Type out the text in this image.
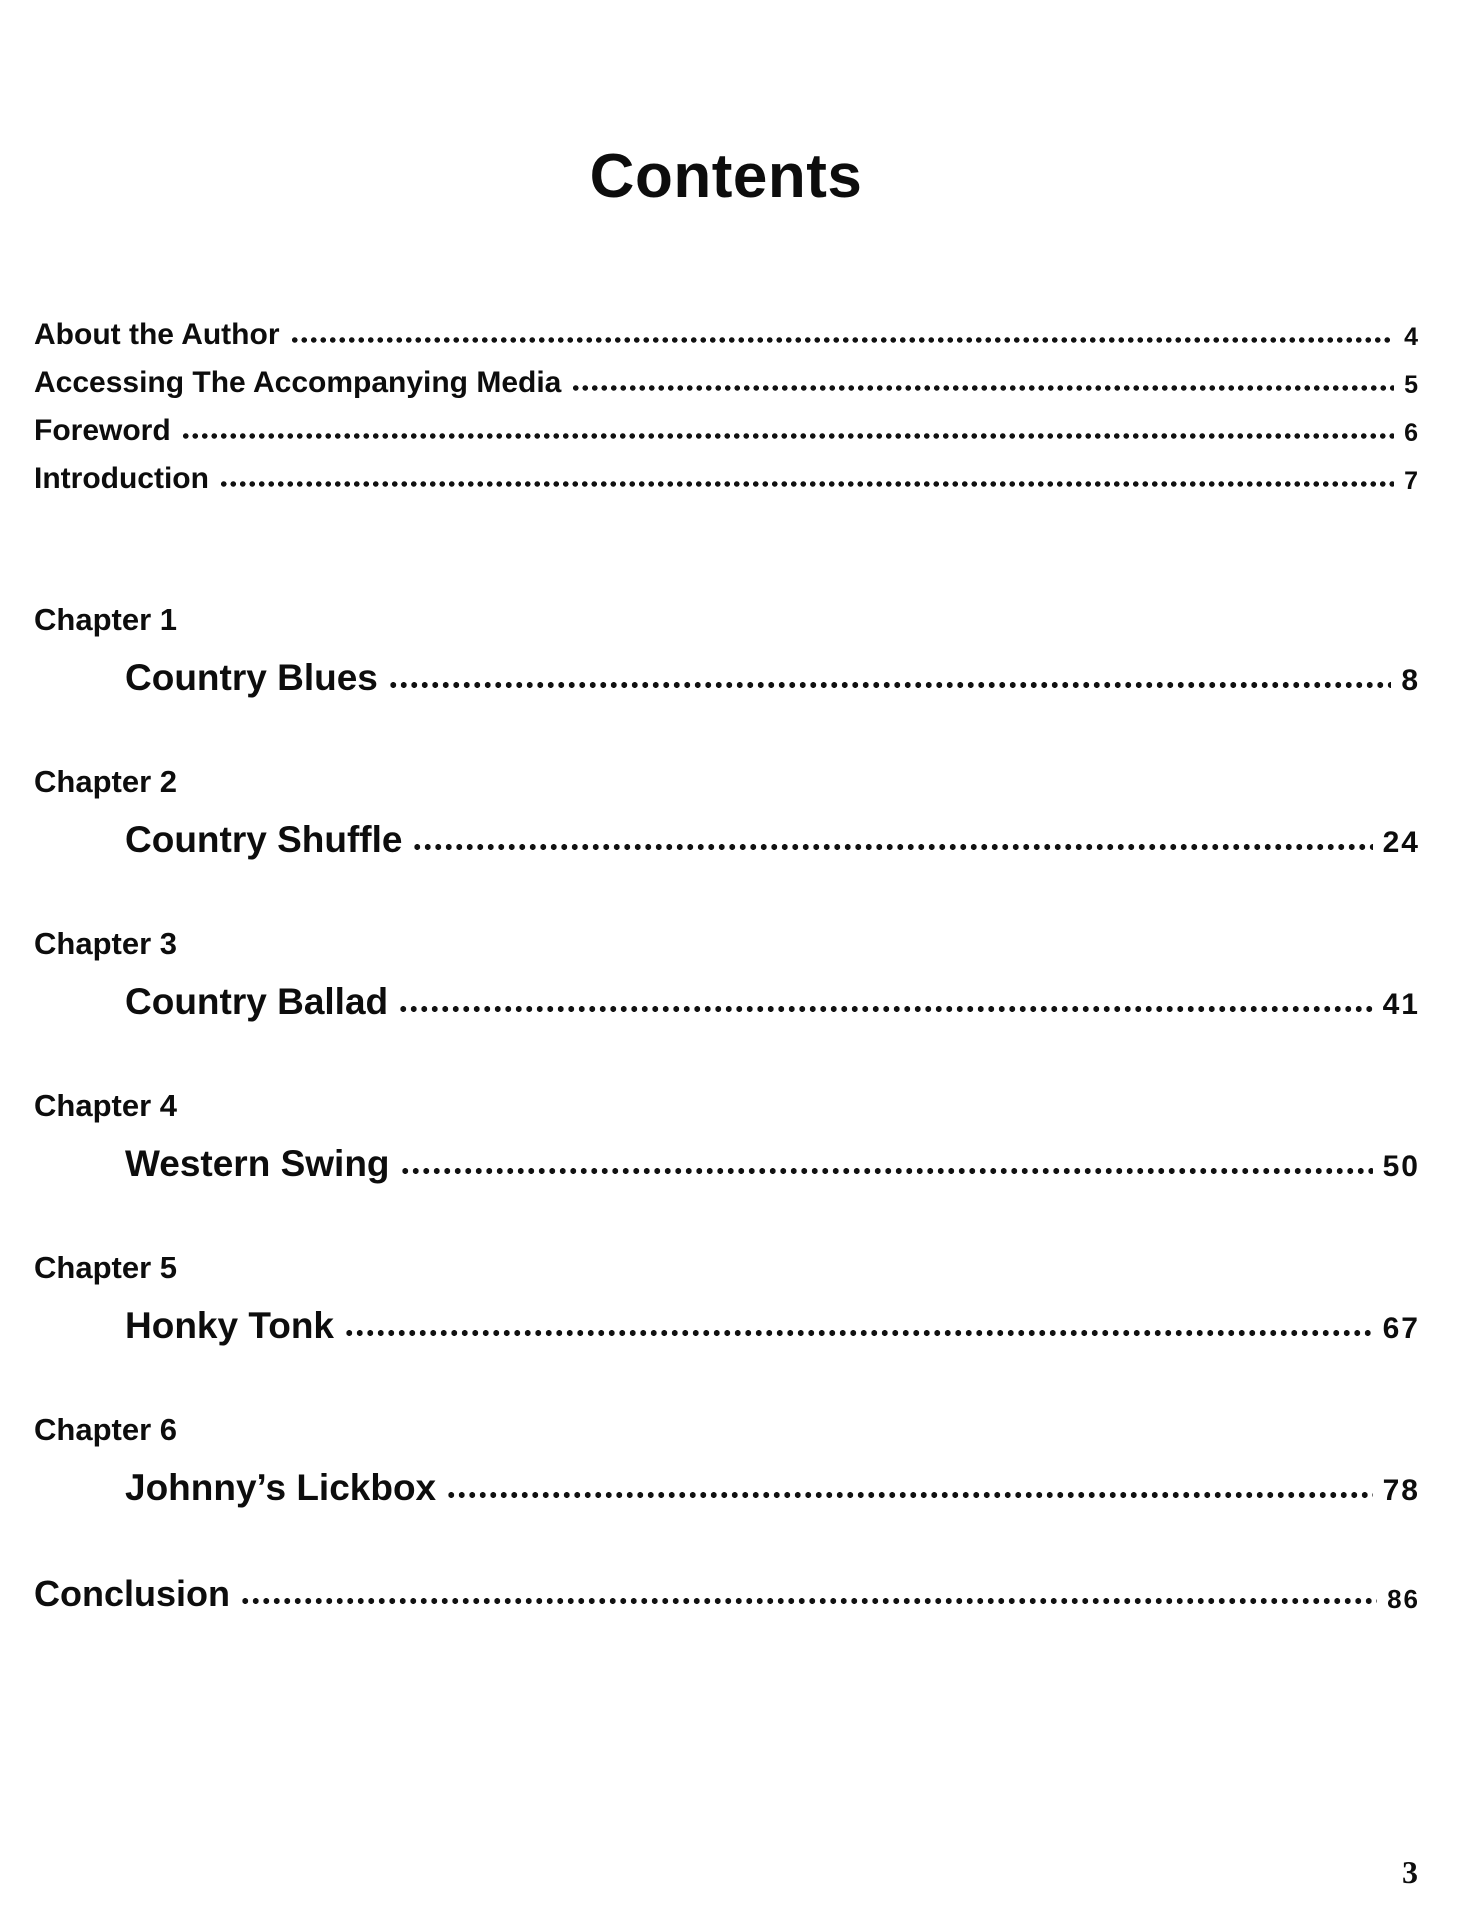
Contents
About the Author	4
Accessing The Accompanying Media	5
Foreword	6
Introduction	7
Chapter 1
Country Blues	8
Chapter 2
Country Shuffle	24
Chapter 3
Country Ballad	41
Chapter 4
Western Swing	50
Chapter 5
Honky Tonk	67
Chapter 6
Johnny’s Lickbox	78
Conclusion	86
3
